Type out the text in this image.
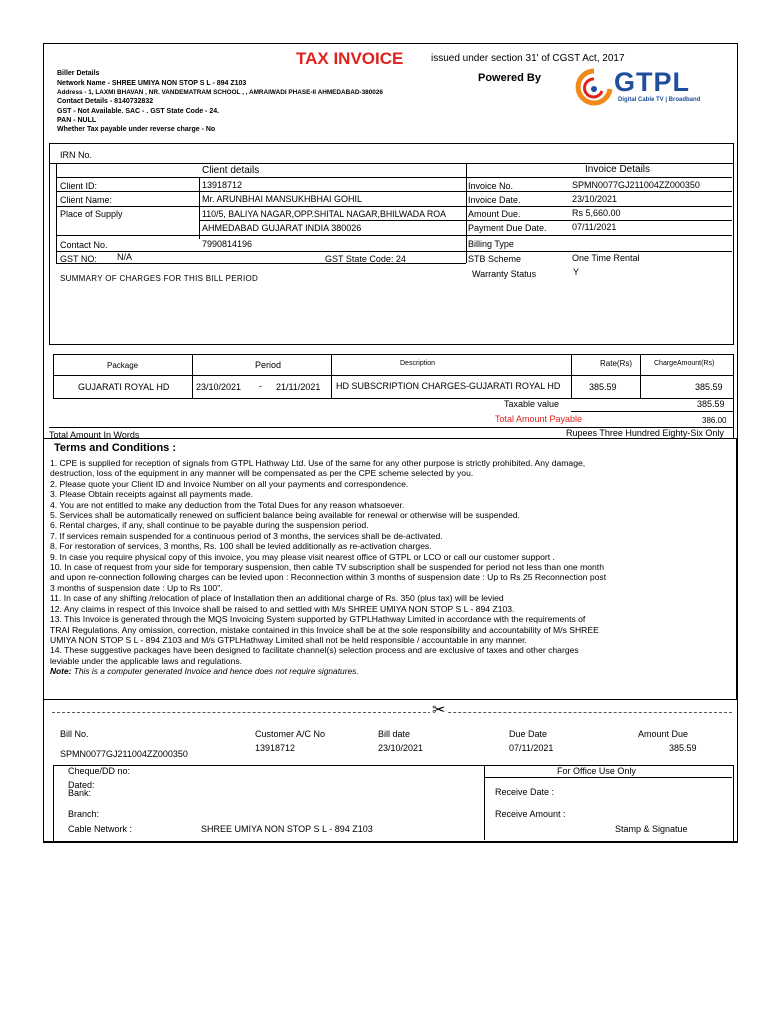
TAX INVOICE	issued under section 31' of CGST Act, 2017
Powered By	GTPL
Digital Cable TV | Broadband
Biller Details
Network Name - SHREE UMIYA NON STOP S L - 894 Z103
Address - 1, LAXMI BHAVAN , NR. VANDEMATRAM SCHOOL , , AMRAIWADI PHASE-II AHMEDABAD-380026
Contact Details - 8140732832
GST - Not Available. SAC - . GST State Code - 24.
PAN - NULL
Whether Tax payable under reverse charge - No
IRN No.
Client details	Invoice Details
Client ID:	13918712
Client Name:	Mr. ARUNBHAI MANSUKHBHAI GOHIL
Place of Supply	110/5, BALIYA NAGAR,OPP.SHITAL NAGAR,BHILWADA ROA
AHMEDABAD GUJARAT INDIA 380026
Contact No.	7990814196
GST NO: N/A	GST State Code: 24
Invoice No.	SPMN0077GJ211004ZZ000350
Invoice Date.	23/10/2021
Amount Due.	Rs 5,660.00
Payment Due Date.	07/11/2021
Billing Type
STB Scheme	One Time Rental
Warranty Status	Y
SUMMARY OF CHARGES FOR THIS BILL PERIOD
Package	Period	Description	Rate(Rs)	ChargeAmount(Rs)
GUJARATI ROYAL HD	23/10/2021 - 21/11/2021 HD SUBSCRIPTION CHARGES-GUJARATI ROYAL HD	385.59	385.59
Taxable value	385.59
Total Amount Payable	386.00
Total Amount In Words	Rupees Three Hundred Eighty-Six Only
Terms and Conditions :
1. CPE is supplied for reception of signals from GTPL Hathway Ltd. Use of the same for any other purpose is strictly prohibited. Any damage,
destruction, loss of the equipment in any manner will be compensated as per the CPE scheme selected by you.
2. Please quote your Client ID and Invoice Number on all your payments and correspondence.
3. Please Obtain receipts against all payments made.
4. You are not entitled to make any deduction from the Total Dues for any reason whatsoever.
5. Services shall be automatically renewed on sufficient balance being available for renewal or otherwise will be suspended.
6. Rental charges, if any, shall continue to be payable during the suspension period.
7. If services remain suspended for a continuous period of 3 months, the services shall be de-activated.
8. For restoration of services, 3 months, Rs. 100 shall be levied additionally as re-activation charges.
9. In case you require physical copy of this invoice, you may please visit nearest office of GTPL or LCO or call our customer support .
10. In case of request from your side for temporary suspension, then cable TV subscription shall be suspended for period not less than one month
and upon re-connection following charges can be levied upon : Reconnection within 3 months of suspension date : Up to Rs 25 Reconnection post
3 months of suspension date : Up to Rs 100".
11. In case of any shifting /relocation of place of Installation then an additional charge of Rs. 350 (plus tax) will be levied
12. Any claims in respect of this Invoice shall be raised to and settled with M/s SHREE UMIYA NON STOP S L - 894 Z103.
13. This Invoice is generated through the MQS Invoicing System supported by GTPLHathway Limited in accordance with the requirements of
TRAI Regulations. Any omission, correction, mistake contained in this Invoice shall be at the sole responsibility and accountability of M/s SHREE
UMIYA NON STOP S L - 894 Z103 and M/s GTPLHathway Limited shall not be held responsible / accountable in any manner.
14. These suggestive packages have been designed to facilitate channel(s) selection process and are exclusive of taxes and other charges
leviable under the applicable laws and regulations.
Note: This is a computer generated Invoice and hence does not require signatures.
✂
Bill No.
SPMN0077GJ211004ZZ000350
Customer A/C No
13918712
Bill date
23/10/2021
Due Date
07/11/2021
Amount Due
385.59
Cheque/DD no:	For Office Use Only
Dated:
Bank:	Receive Date :
Branch:	Receive Amount :
Cable Network :	SHREE UMIYA NON STOP S L - 894 Z103	Stamp & Signatue
